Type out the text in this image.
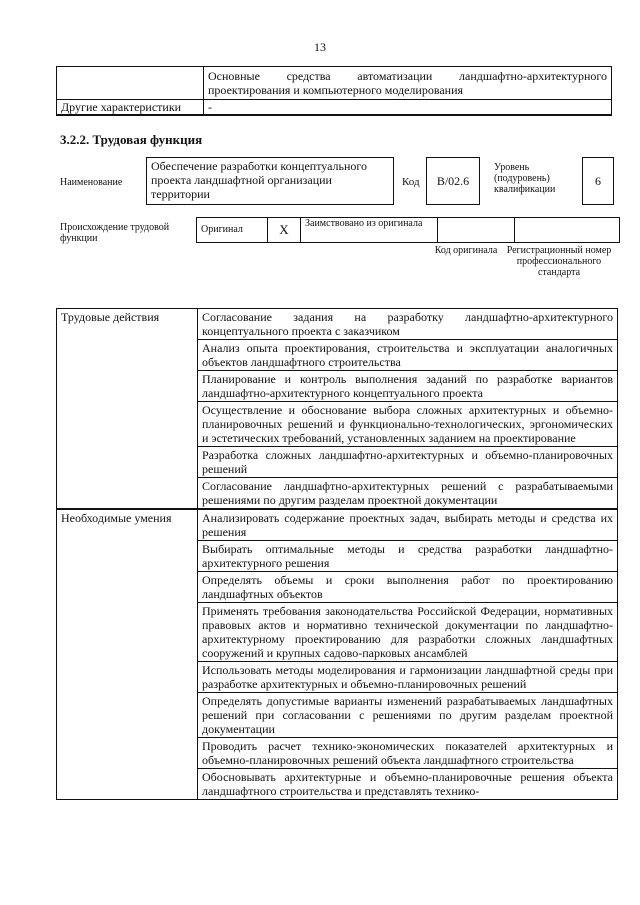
13
	Основные средства автоматизации ландшафтно-архитектурного проектирования и компьютерного моделирования
Другие характеристики	-
3.2.2. Трудовая функция
Наименование
Обеспечение разработки концептуального проекта ландшафтной организации территории
Код	B/02.6
Уровень (подуровень) квалификации
6
Происхождение трудовой функции
Оригинал	X	Заимствовано из оригинала		
Код оригинала Регистрационный номер профессионального стандарта
Трудовые действия	Согласование задания на разработку ландшафтно-архитектурного концептуального проекта с заказчиком
	Анализ опыта проектирования, строительства и эксплуатации аналогичных объектов ландшафтного строительства
	Планирование и контроль выполнения заданий по разработке вариантов ландшафтно-архитектурного концептуального проекта
	Осуществление и обоснование выбора сложных архитектурных и объемно-планировочных решений и функционально-технологических, эргономических и эстетических требований, установленных заданием на проектирование
	Разработка сложных ландшафтно-архитектурных и объемно-планировочных решений
	Согласование ландшафтно-архитектурных решений с разрабатываемыми решениями по другим разделам проектной документации
Необходимые умения	Анализировать содержание проектных задач, выбирать методы и средства их решения
	Выбирать оптимальные методы и средства разработки ландшафтно-архитектурного решения
	Определять объемы и сроки выполнения работ по проектированию ландшафтных объектов
	Применять требования законодательства Российской Федерации, нормативных правовых актов и нормативно технической документации по ландшафтно-архитектурному проектированию для разработки сложных ландшафтных сооружений и крупных садово-парковых ансамблей
	Использовать методы моделирования и гармонизации ландшафтной среды при разработке архитектурных и объемно-планировочных решений
	Определять допустимые варианты изменений разрабатываемых ландшафтных решений при согласовании с решениями по другим разделам проектной документации
	Проводить расчет технико-экономических показателей архитектурных и объемно-планировочных решений объекта ландшафтного строительства
	Обосновывать архитектурные и объемно-планировочные решения объекта ландшафтного строительства и представлять технико-
